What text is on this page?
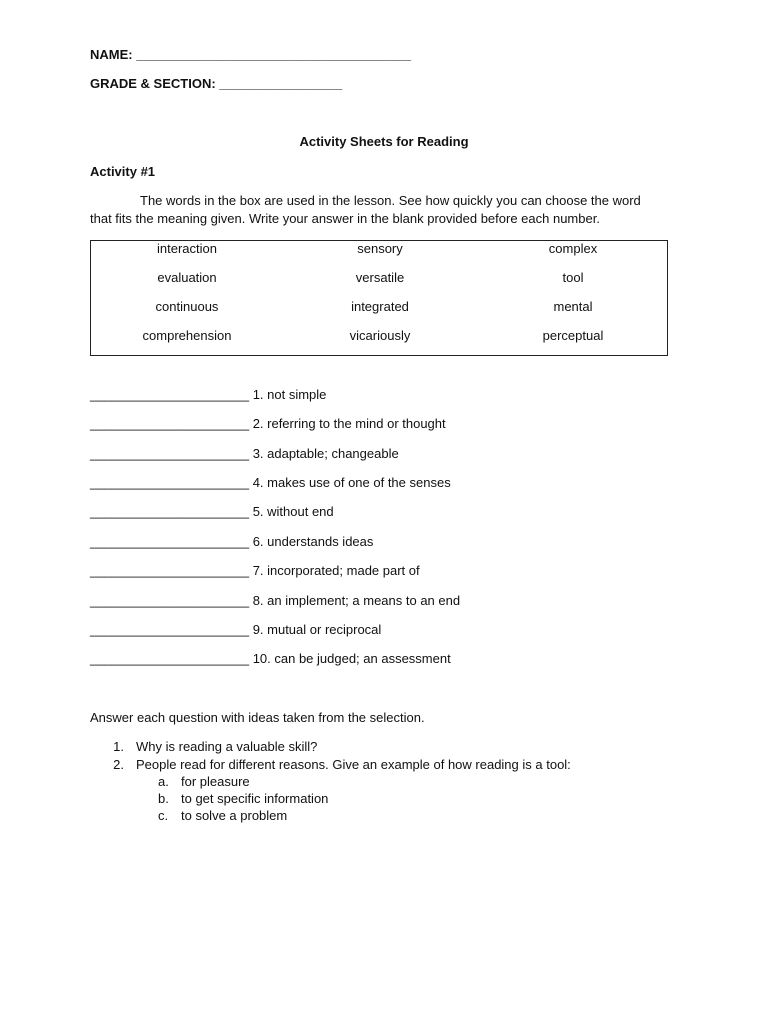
NAME: ______________________________________
GRADE & SECTION: _________________
Activity Sheets for Reading
Activity #1
The words in the box are used in the lesson. See how quickly you can choose the word
that fits the meaning given. Write your answer in the blank provided before each number.
interaction	sensory	complex
evaluation	versatile	tool
continuous	integrated	mental
comprehension	vicariously	perceptual
______________________ 1. not simple
______________________ 2. referring to the mind or thought
______________________ 3. adaptable; changeable
______________________ 4. makes use of one of the senses
______________________ 5. without end
______________________ 6. understands ideas
______________________ 7. incorporated; made part of
______________________ 8. an implement; a means to an end
______________________ 9. mutual or reciprocal
______________________ 10. can be judged; an assessment
Answer each question with ideas taken from the selection.
1. Why is reading a valuable skill?
2. People read for different reasons. Give an example of how reading is a tool:
a. for pleasure
b. to get specific information
c. to solve a problem
